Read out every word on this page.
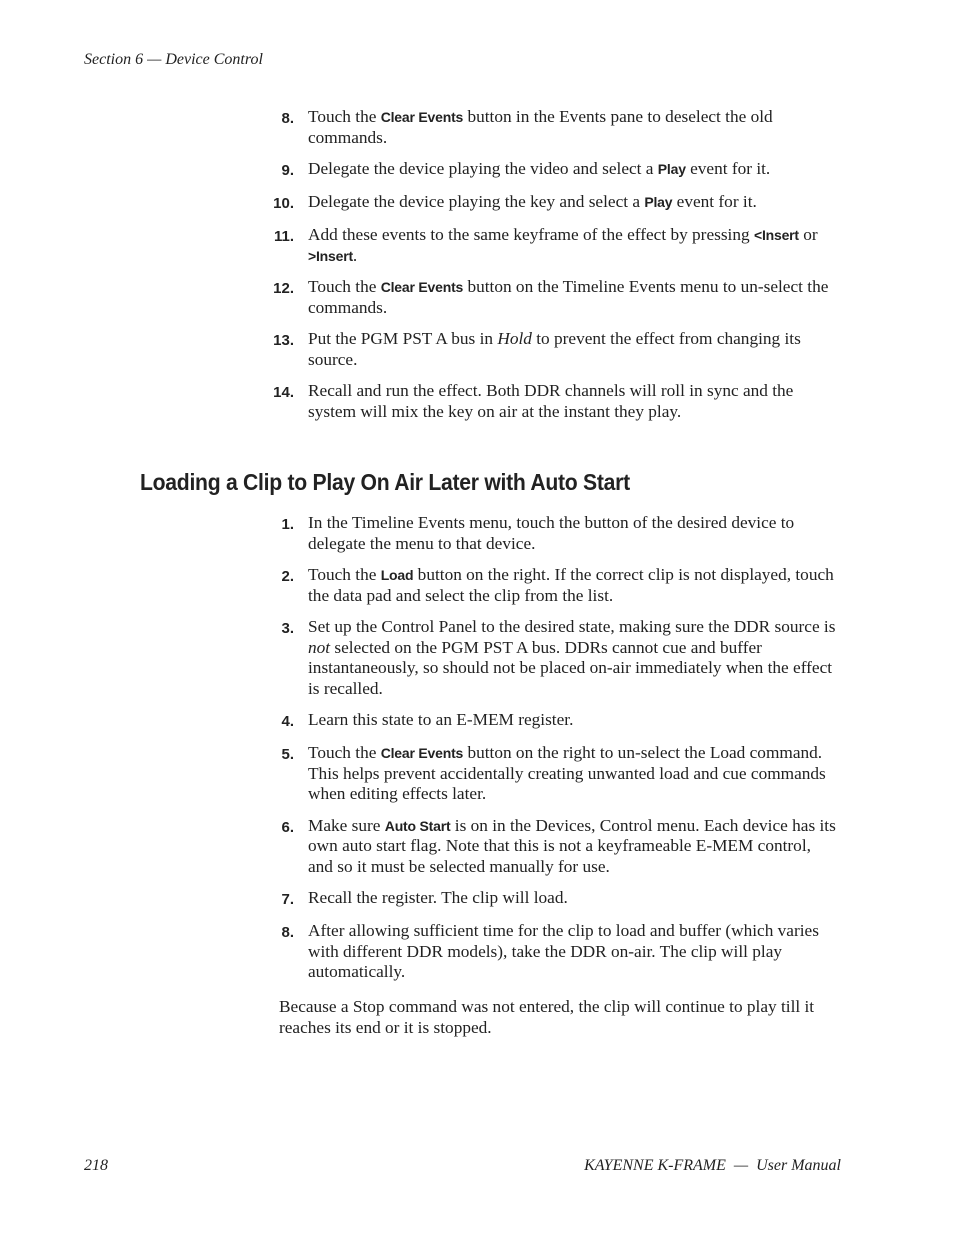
Section 6 — Device Control
8. Touch the Clear Events button in the Events pane to deselect the old commands.
9. Delegate the device playing the video and select a Play event for it.
10. Delegate the device playing the key and select a Play event for it.
11. Add these events to the same keyframe of the effect by pressing <Insert or >Insert.
12. Touch the Clear Events button on the Timeline Events menu to un-select the commands.
13. Put the PGM PST A bus in Hold to prevent the effect from changing its source.
14. Recall and run the effect. Both DDR channels will roll in sync and the system will mix the key on air at the instant they play.
Loading a Clip to Play On Air Later with Auto Start
1. In the Timeline Events menu, touch the button of the desired device to delegate the menu to that device.
2. Touch the Load button on the right. If the correct clip is not displayed, touch the data pad and select the clip from the list.
3. Set up the Control Panel to the desired state, making sure the DDR source is not selected on the PGM PST A bus. DDRs cannot cue and buffer instantaneously, so should not be placed on-air immediately when the effect is recalled.
4. Learn this state to an E-MEM register.
5. Touch the Clear Events button on the right to un-select the Load command. This helps prevent accidentally creating unwanted load and cue commands when editing effects later.
6. Make sure Auto Start is on in the Devices, Control menu. Each device has its own auto start flag. Note that this is not a keyframeable E-MEM control, and so it must be selected manually for use.
7. Recall the register. The clip will load.
8. After allowing sufficient time for the clip to load and buffer (which varies with different DDR models), take the DDR on-air. The clip will play automatically.

Because a Stop command was not entered, the clip will continue to play till it reaches its end or it is stopped.

218	KAYENNE K-FRAME  —  User Manual
